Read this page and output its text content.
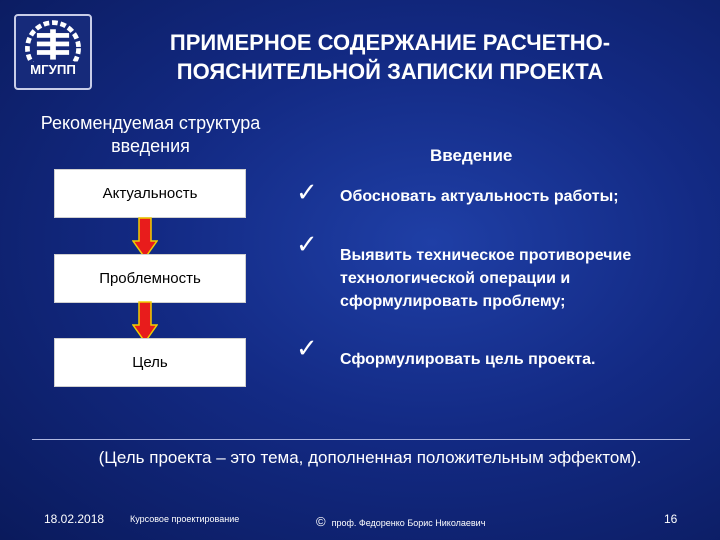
МГУПП
ПРИМЕРНОЕ СОДЕРЖАНИЕ РАСЧЕТНО-
ПОЯСНИТЕЛЬНОЙ ЗАПИСКИ ПРОЕКТА
Рекомендуемая структура
введения
Актуальность
Проблемность
Цель
Введение
✓	Обосновать актуальность работы;
✓	Выявить техническое противоречие
технологической операции и
сформулировать проблему;
✓	Сформулировать цель проекта.
(Цель проекта – это тема, дополненная положительным эффектом).
18.02.2018	Курсовое проектирование	© проф. Федоренко Борис Николаевич	16
